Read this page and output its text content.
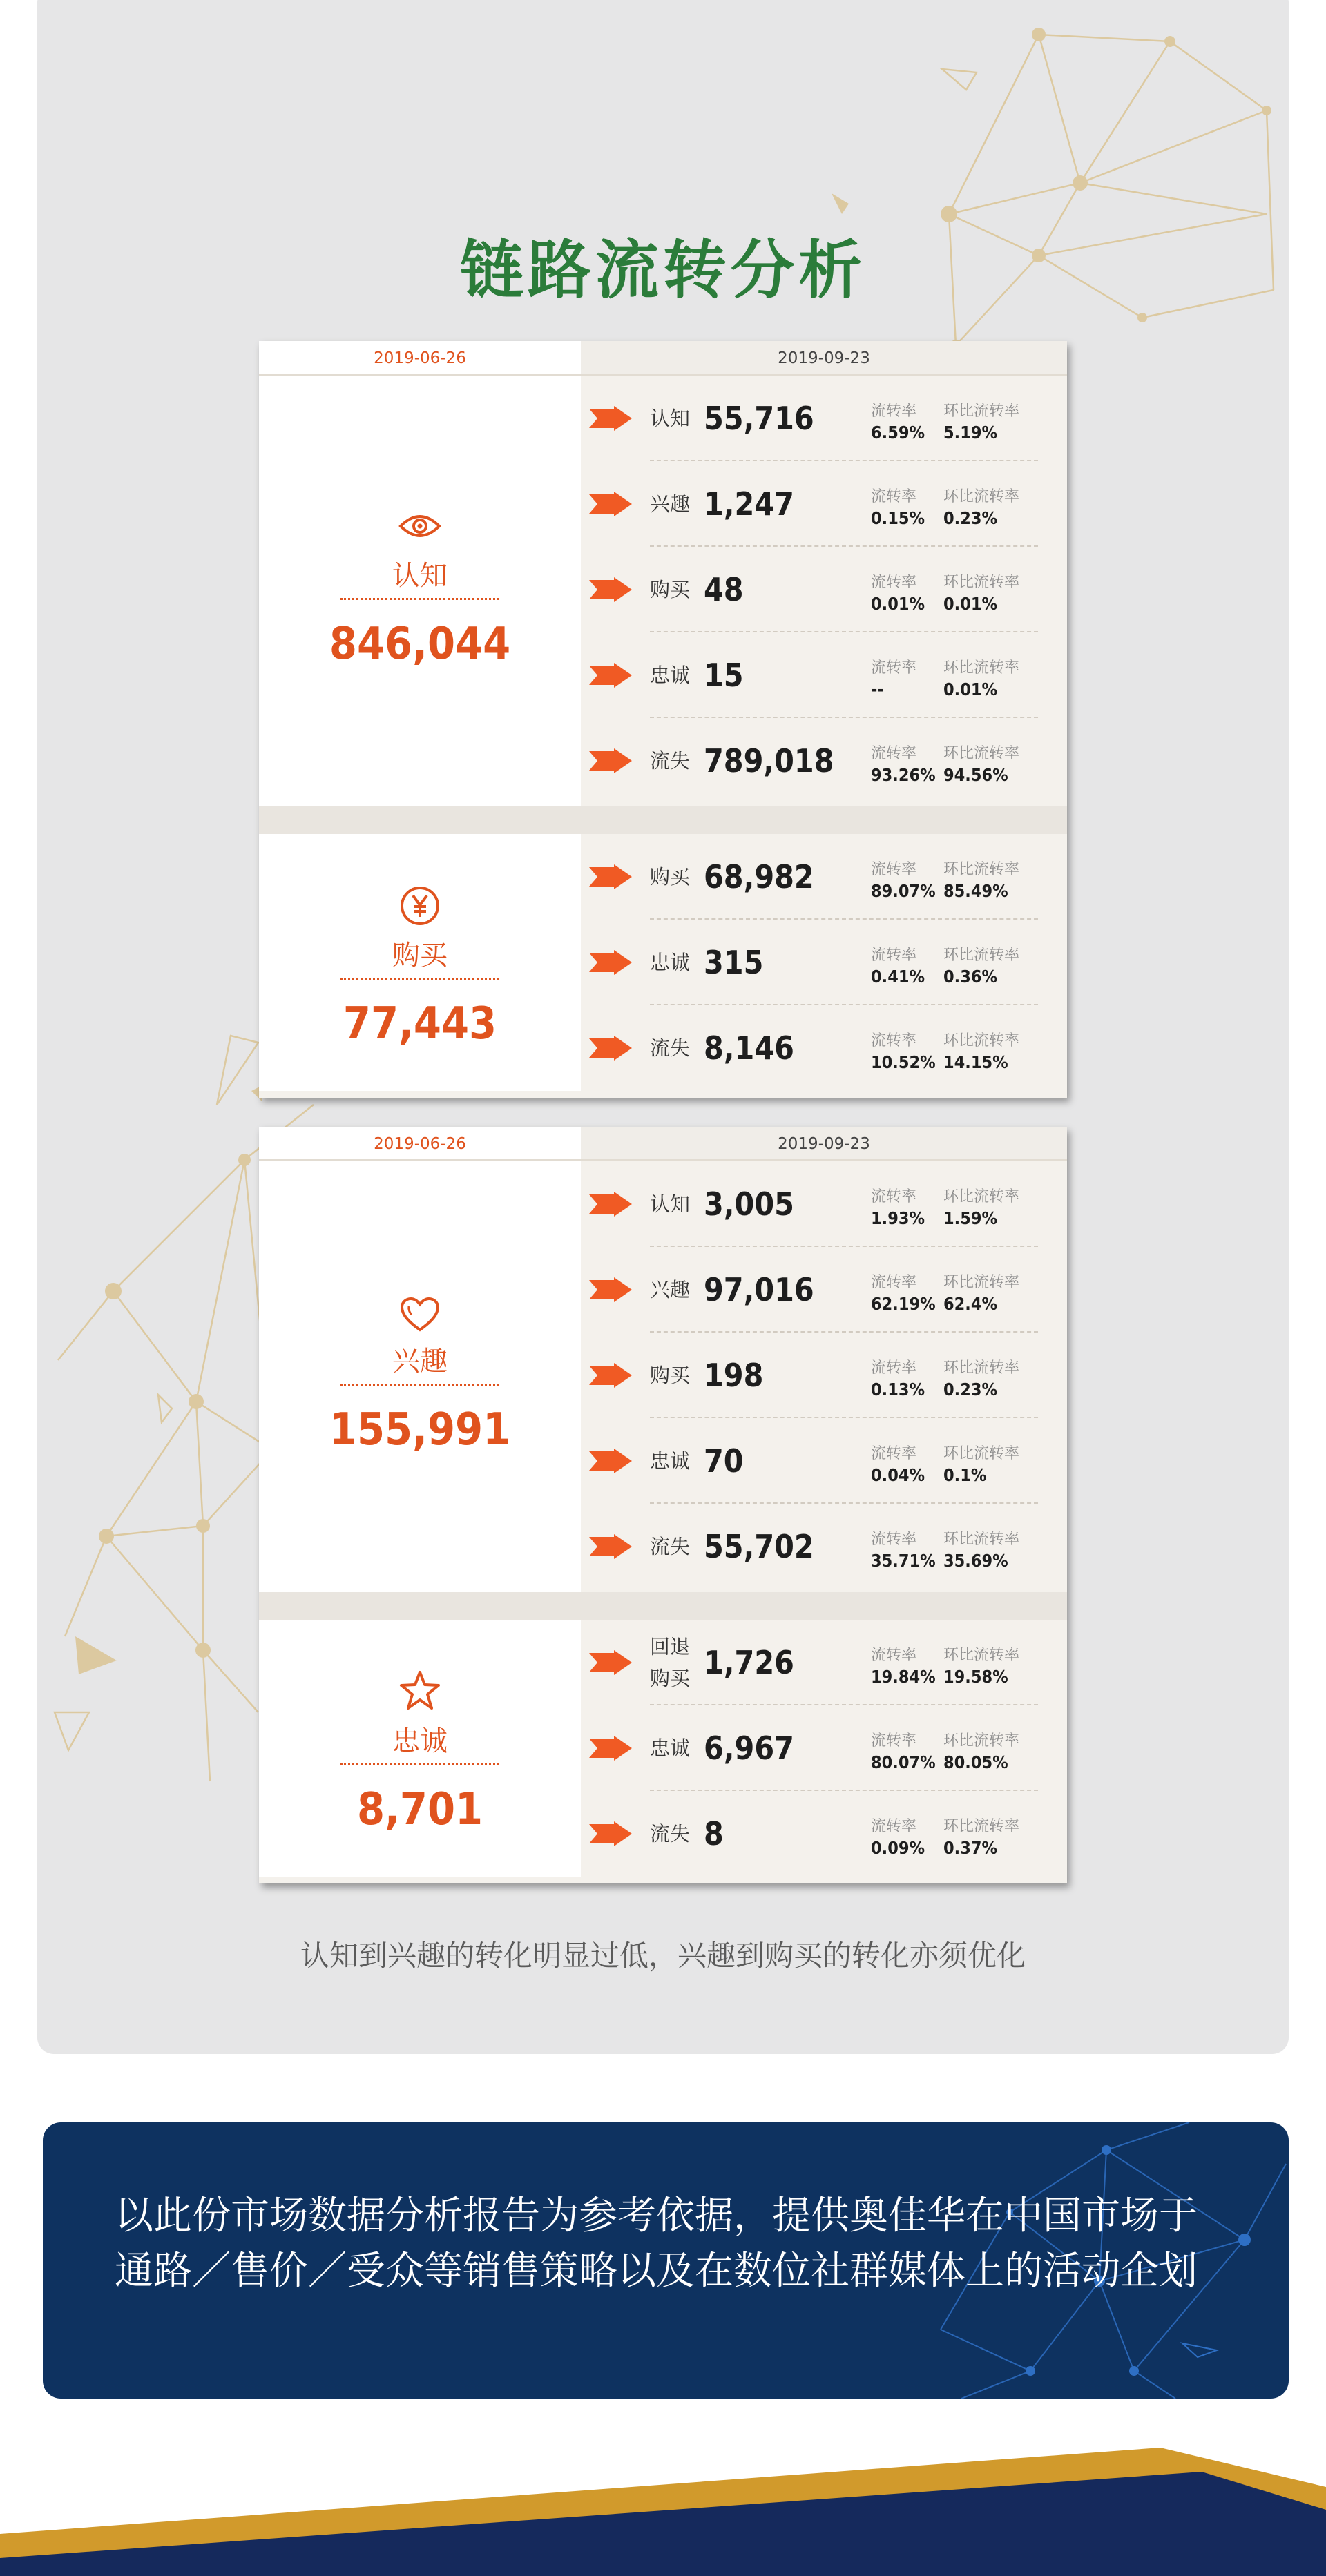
链路流转分析
2019-06-26	2019-09-23
认知
846,044
认知 55,716	流转率 环比流转率
6.59% 5.19%
兴趣 1,247	流转率 环比流转率
0.15% 0.23%
购买 48	流转率 环比流转率
0.01% 0.01%
忠诚 15	流转率 环比流转率
--	0.01%
流失 789,018 流转率 环比流转率
93.26% 94.56%
购买
77,443
购买 68,982	流转率 环比流转率
89.07% 85.49%
忠诚 315	流转率 环比流转率
0.41% 0.36%
流失 8,146	流转率 环比流转率
10.52% 14.15%
2019-06-26	2019-09-23
兴趣
155,991
认知 3,005	流转率 环比流转率
1.93% 1.59%
兴趣 97,016	流转率 环比流转率
62.19% 62.4%
购买 198	流转率 环比流转率
0.13% 0.23%
忠诚 70	流转率 环比流转率
0.04% 0.1%
流失 55,702	流转率 环比流转率
35.71% 35.69%
忠诚
8,701
回退购买 1,726	流转率 环比流转率
19.84% 19.58%
忠诚 6,967	流转率 环比流转率
80.07% 80.05%
流失 8	流转率 环比流转率
0.09% 0.37%
认知到兴趣的转化明显过低，兴趣到购买的转化亦须优化
以此份市场数据分析报告为参考依据，提供奥佳华在中国市场于通路／售价／受众等销售策略以及在数位社群媒体上的活动企划
